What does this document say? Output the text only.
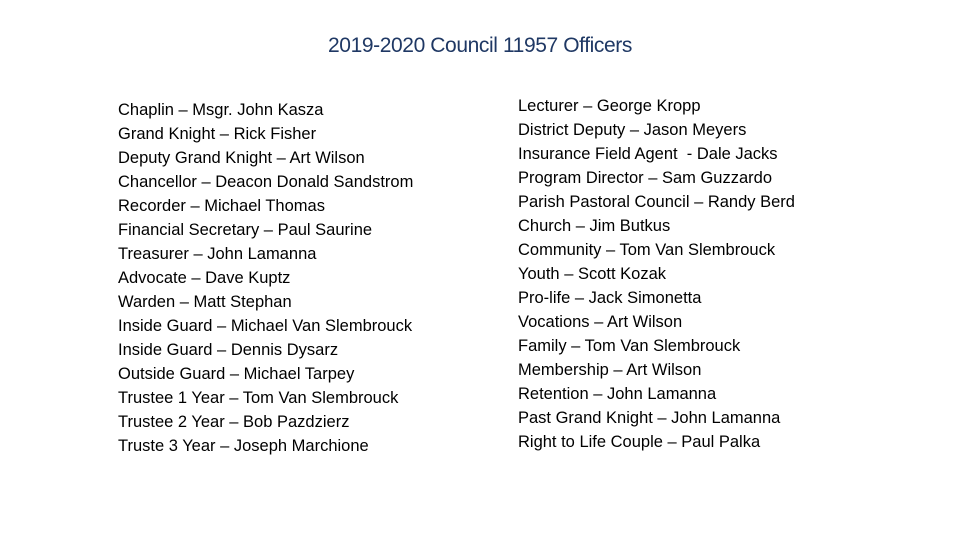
2019-2020 Council 11957 Officers
Chaplin – Msgr. John Kasza
Grand Knight – Rick Fisher
Deputy Grand Knight – Art Wilson
Chancellor – Deacon Donald Sandstrom
Recorder – Michael Thomas
Financial Secretary – Paul Saurine
Treasurer – John Lamanna
Advocate – Dave Kuptz
Warden – Matt Stephan
Inside Guard – Michael Van Slembrouck
Inside Guard – Dennis Dysarz
Outside Guard – Michael Tarpey
Trustee 1 Year – Tom Van Slembrouck
Trustee 2 Year – Bob Pazdzierz
Truste 3 Year – Joseph Marchione
Lecturer – George Kropp
District Deputy – Jason Meyers
Insurance Field Agent  - Dale Jacks
Program Director – Sam Guzzardo
Parish Pastoral Council – Randy Berd
Church – Jim Butkus
Community – Tom Van Slembrouck
Youth – Scott Kozak
Pro-life – Jack Simonetta
Vocations – Art Wilson
Family – Tom Van Slembrouck
Membership – Art Wilson
Retention – John Lamanna
Past Grand Knight – John Lamanna
Right to Life Couple – Paul Palka
